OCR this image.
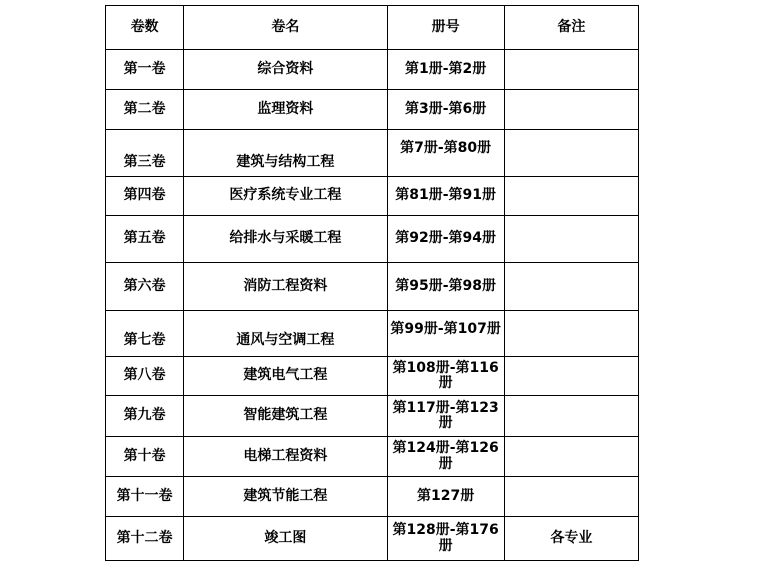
卷数	卷名	册号	备注
第一卷	综合资料	第1册-第2册	
第二卷	监理资料	第3册-第6册	
第三卷	建筑与结构工程	第7册-第80册	
第四卷	医疗系统专业工程	第81册-第91册	
第五卷	给排水与采暖工程	第92册-第94册	
第六卷	消防工程资料	第95册-第98册	
第七卷	通风与空调工程	第99册-第107册	
第八卷	建筑电气工程	第108册-第116册	
第九卷	智能建筑工程	第117册-第123册	
第十卷	电梯工程资料	第124册-第126册	
第十一卷	建筑节能工程	第127册	
第十二卷	竣工图	第128册-第176册	各专业
